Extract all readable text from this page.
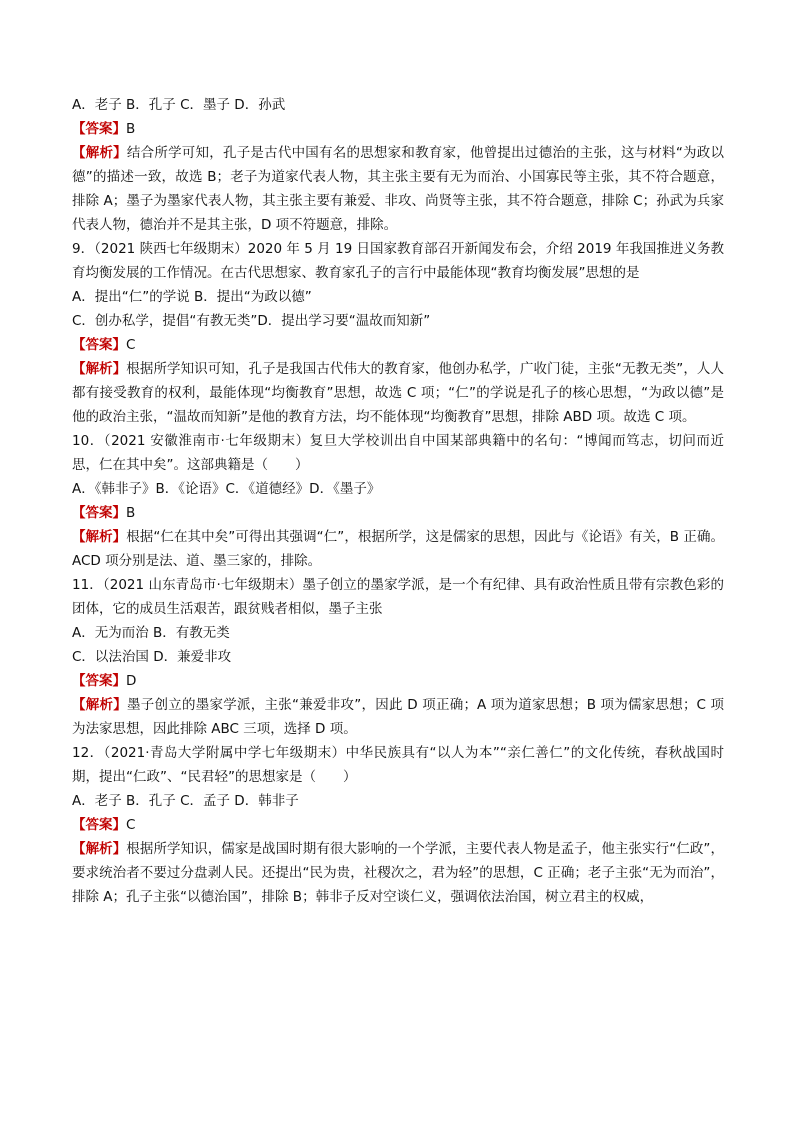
A．老子 B．孔子 C．墨子 D．孙武
【答案】B
【解析】结合所学可知，孔子是古代中国有名的思想家和教育家，他曾提出过德治的主张，这与材料“为政以德”的描述一致，故选 B；老子为道家代表人物，其主张主要有无为而治、小国寡民等主张，其不符合题意，排除 A；墨子为墨家代表人物，其主张主要有兼爱、非攻、尚贤等主张，其不符合题意，排除 C；孙武为兵家代表人物，德治并不是其主张，D 项不符题意，排除。
9．（2021 陕西七年级期末）2020 年 5 月 19 日国家教育部召开新闻发布会，介绍 2019 年我国推进义务教育均衡发展的工作情况。在古代思想家、教育家孔子的言行中最能体现“教育均衡发展”思想的是
A．提出“仁”的学说 B．提出“为政以德”
C．创办私学，提倡“有教无类”D．提出学习要“温故而知新”
【答案】C
【解析】根据所学知识可知，孔子是我国古代伟大的教育家，他创办私学，广收门徒，主张“无教无类”，人人都有接受教育的权利，最能体现“均衡教育”思想，故选 C 项；“仁”的学说是孔子的核心思想，“为政以德”是他的政治主张，“温故而知新”是他的教育方法，均不能体现“均衡教育”思想，排除 ABD 项。故选 C 项。
10．（2021 安徽淮南市·七年级期末）复旦大学校训出自中国某部典籍中的名句：“博闻而笃志，切问而近思，仁在其中矣”。这部典籍是（　　）
A．《韩非子》B．《论语》C．《道德经》D．《墨子》
【答案】B
【解析】根据“仁在其中矣”可得出其强调“仁”，根据所学，这是儒家的思想，因此与《论语》有关，B 正确。ACD 项分别是法、道、墨三家的，排除。
11．（2021 山东青岛市·七年级期末）墨子创立的墨家学派，是一个有纪律、具有政治性质且带有宗教色彩的团体，它的成员生活艰苦，跟贫贱者相似，墨子主张
A．无为而治 B．有教无类
C．以法治国 D．兼爱非攻
【答案】D
【解析】墨子创立的墨家学派，主张“兼爱非攻”，因此 D 项正确；A 项为道家思想；B 项为儒家思想；C 项为法家思想，因此排除 ABC 三项，选择 D 项。
12．（2021·青岛大学附属中学七年级期末）中华民族具有“以人为本”“亲仁善仁”的文化传统，春秋战国时期，提出“仁政”、“民君轻”的思想家是（　　）
A．老子 B．孔子 C．孟子 D．韩非子
【答案】C
【解析】根据所学知识，儒家是战国时期有很大影响的一个学派，主要代表人物是孟子，他主张实行“仁政”，要求统治者不要过分盘剥人民。还提出“民为贵，社稷次之，君为轻”的思想，C 正确；老子主张“无为而治”，排除 A；孔子主张“以德治国”，排除 B；韩非子反对空谈仁义，强调依法治国，树立君主的权威，
